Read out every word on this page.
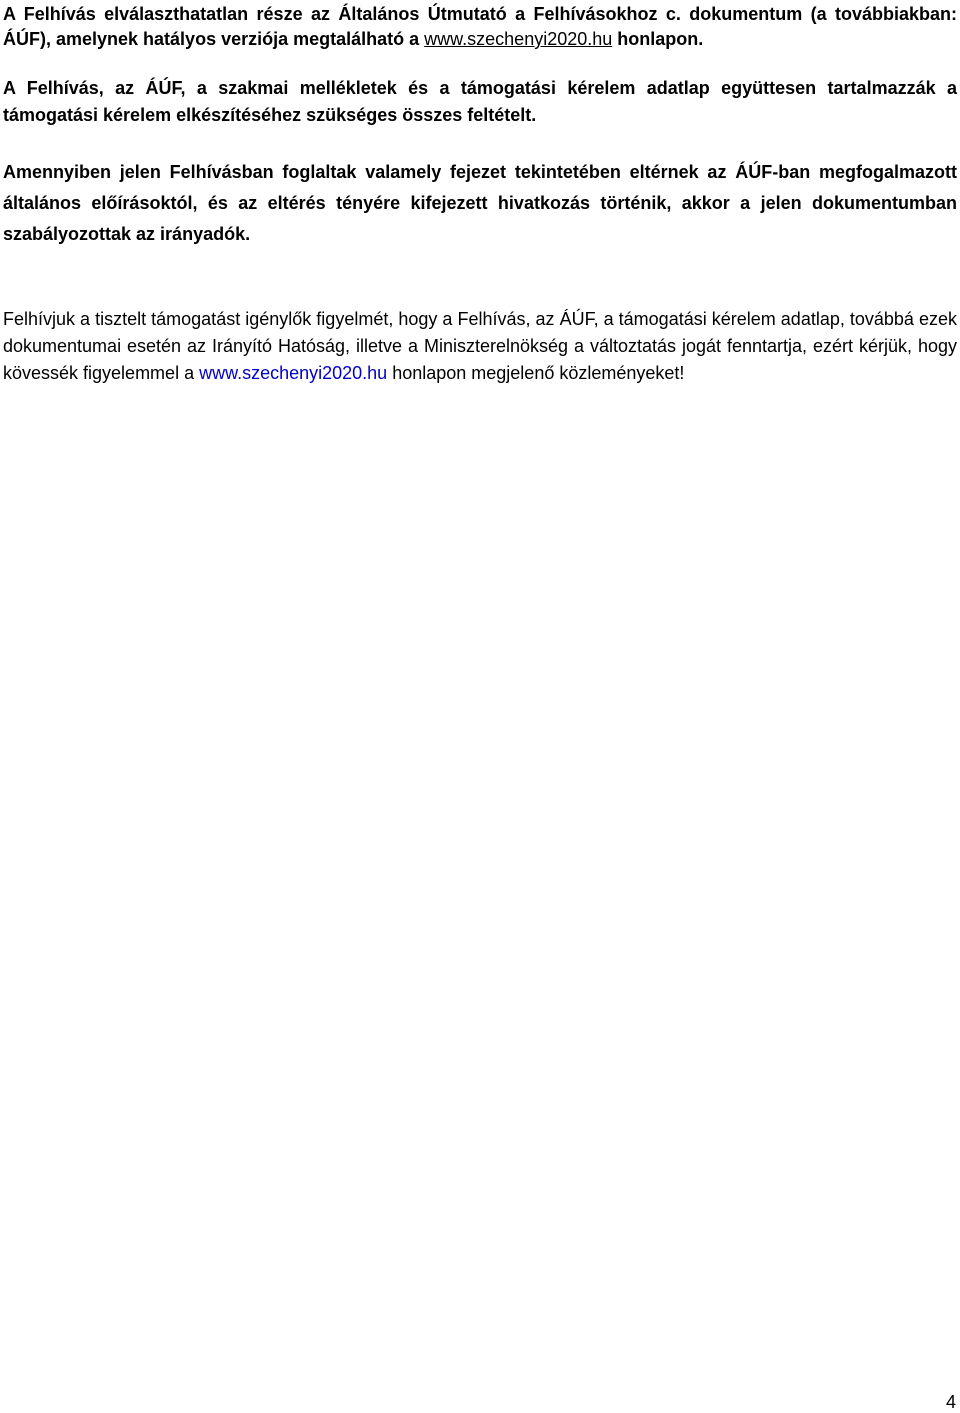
A Felhívás elválaszthatatlan része az Általános Útmutató a Felhívásokhoz c. dokumentum (a továbbiakban: ÁÚF), amelynek hatályos verziója megtalálható a www.szechenyi2020.hu honlapon.

A Felhívás, az ÁÚF, a szakmai mellékletek és a támogatási kérelem adatlap együttesen tartalmazzák a támogatási kérelem elkészítéséhez szükséges összes feltételt.

Amennyiben jelen Felhívásban foglaltak valamely fejezet tekintetében eltérnek az ÁÚF-ban megfogalmazott általános előírásoktól, és az eltérés tényére kifejezett hivatkozás történik, akkor a jelen dokumentumban szabályozottak az irányadók.

Felhívjuk a tisztelt támogatást igénylők figyelmét, hogy a Felhívás, az ÁÚF, a támogatási kérelem adatlap, továbbá ezek dokumentumai esetén az Irányító Hatóság, illetve a Miniszterelnökség a változtatás jogát fenntartja, ezért kérjük, hogy kövessék figyelemmel a www.szechenyi2020.hu honlapon megjelenő közleményeket!

4
